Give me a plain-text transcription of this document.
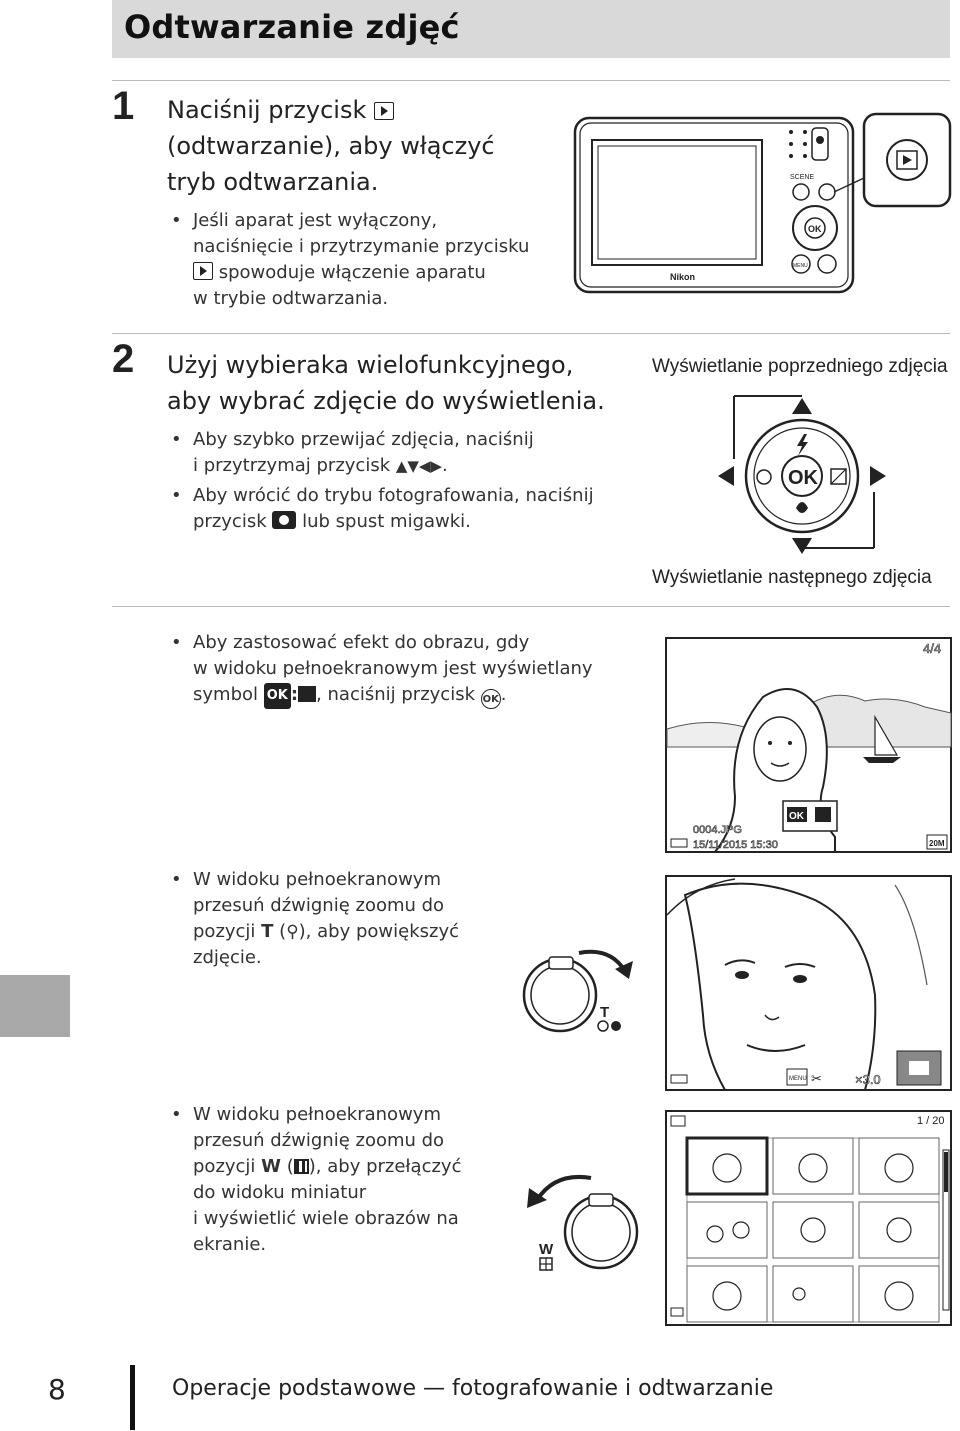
Odtwarzanie zdjęć
1 Naciśnij przycisk
(odtwarzanie), aby włączyć
tryb odtwarzania.
• Jeśli aparat jest wyłączony,
naciśnięcie i przytrzymanie przycisku
spowoduje włączenie aparatu
w trybie odtwarzania.
SCENE
OK
MENU
Nikon
2 Użyj wybieraka wielofunkcyjnego,
aby wybrać zdjęcie do wyświetlenia.
• Aby szybko przewijać zdjęcia, naciśnij
i przytrzymaj przycisk ▲▼◀▶.
• Aby wrócić do trybu fotografowania, naciśnij
przycisk lub spust migawki.
Wyświetlanie poprzedniego zdjęcia
Wyświetlanie następnego zdjęcia
OK
• Aby zastosować efekt do obrazu, gdy
w widoku pełnoekranowym jest wyświetlany
symbol OK : , naciśnij przycisk OK .
4/4
OK
0004.JPG
15/11/2015 15:30	20M
• W widoku pełnoekranowym
przesuń dźwignię zoomu do
pozycji T (⚲), aby powiększyć
zdjęcie.
T
MENU ✂	×3.0
• W widoku pełnoekranowym
przesuń dźwignię zoomu do
pozycji W ( ), aby przełączyć
do widoku miniatur
i wyświetlić wiele obrazów na
ekranie.	W
1 / 20
8	Operacje podstawowe — fotografowanie i odtwarzanie
